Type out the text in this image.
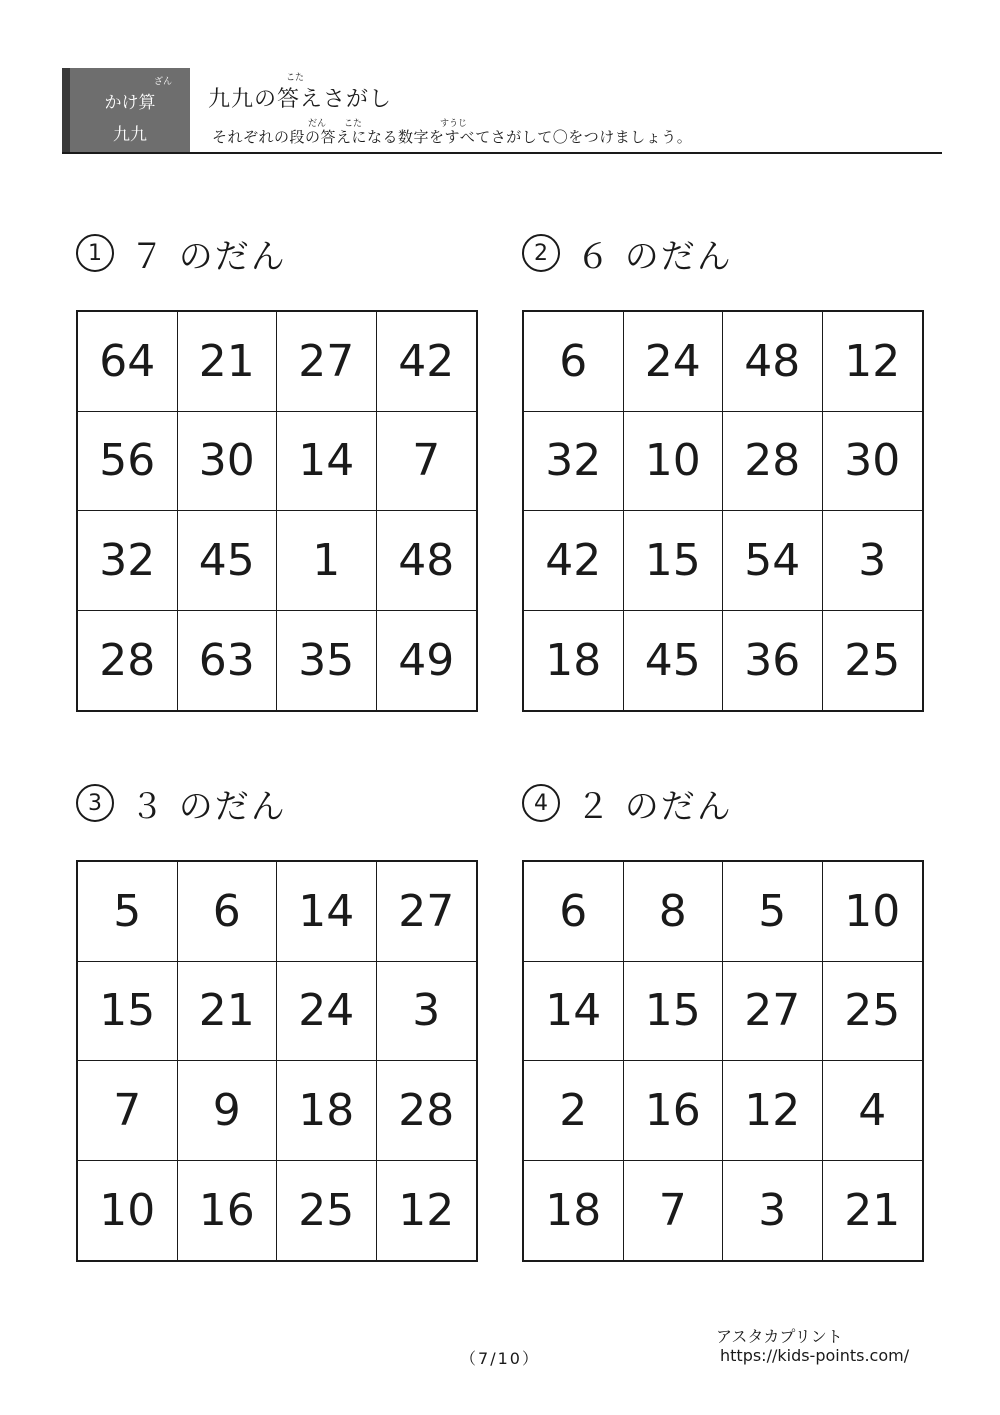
ざん
かけ算
九九
こた
九九の答えさがし
だん こた	すうじ
それぞれの段の答えになる数字をすべてさがして〇をつけましょう。
1 ７ のだん
64 21 27	42
56 30 14	7
32 45	1	48
28 63 35	49
2 ６ のだん
6	24 48	12
32 10 28	30
42 15 54	3
18 45 36	25
3 ３ のだん
5	6	14	27
15 21 24	3
7	9	18	28
10 16 25	12
4 ２ のだん
6	8	5	10
14 15 27	25
2	16 12	4
18	7	3	21
（7/10）
アスタカプリント
https://kids-points.com/
